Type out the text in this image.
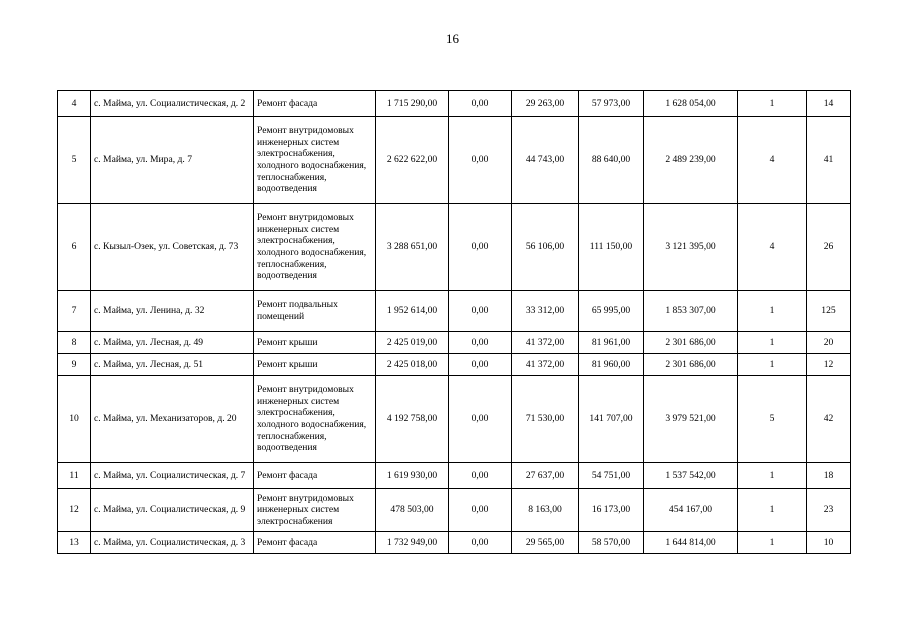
16
4	с. Майма, ул. Социалистическая, д. 2	Ремонт фасада	1 715 290,00	0,00	29 263,00	57 973,00	1 628 054,00	1	14
5	с. Майма, ул. Мира, д. 7	Ремонт внутридомовых инженерных систем электроснабжения, холодного водоснабжения, теплоснабжения, водоотведения	2 622 622,00	0,00	44 743,00	88 640,00	2 489 239,00	4	41
6	с. Кызыл-Озек, ул. Советская, д. 73	Ремонт внутридомовых инженерных систем электроснабжения, холодного водоснабжения, теплоснабжения, водоотведения	3 288 651,00	0,00	56 106,00	111 150,00	3 121 395,00	4	26
7	с. Майма, ул. Ленина, д. 32	Ремонт подвальных помещений	1 952 614,00	0,00	33 312,00	65 995,00	1 853 307,00	1	125
8	с. Майма, ул. Лесная, д. 49	Ремонт крыши	2 425 019,00	0,00	41 372,00	81 961,00	2 301 686,00	1	20
9	с. Майма, ул. Лесная, д. 51	Ремонт крыши	2 425 018,00	0,00	41 372,00	81 960,00	2 301 686,00	1	12
10	с. Майма, ул. Механизаторов, д. 20	Ремонт внутридомовых инженерных систем электроснабжения, холодного водоснабжения, теплоснабжения, водоотведения	4 192 758,00	0,00	71 530,00	141 707,00	3 979 521,00	5	42
11	с. Майма, ул. Социалистическая, д. 7	Ремонт фасада	1 619 930,00	0,00	27 637,00	54 751,00	1 537 542,00	1	18
12	с. Майма, ул. Социалистическая, д. 9	Ремонт внутридомовых инженерных систем электроснабжения	478 503,00	0,00	8 163,00	16 173,00	454 167,00	1	23
13	с. Майма, ул. Социалистическая, д. 3	Ремонт фасада	1 732 949,00	0,00	29 565,00	58 570,00	1 644 814,00	1	10
